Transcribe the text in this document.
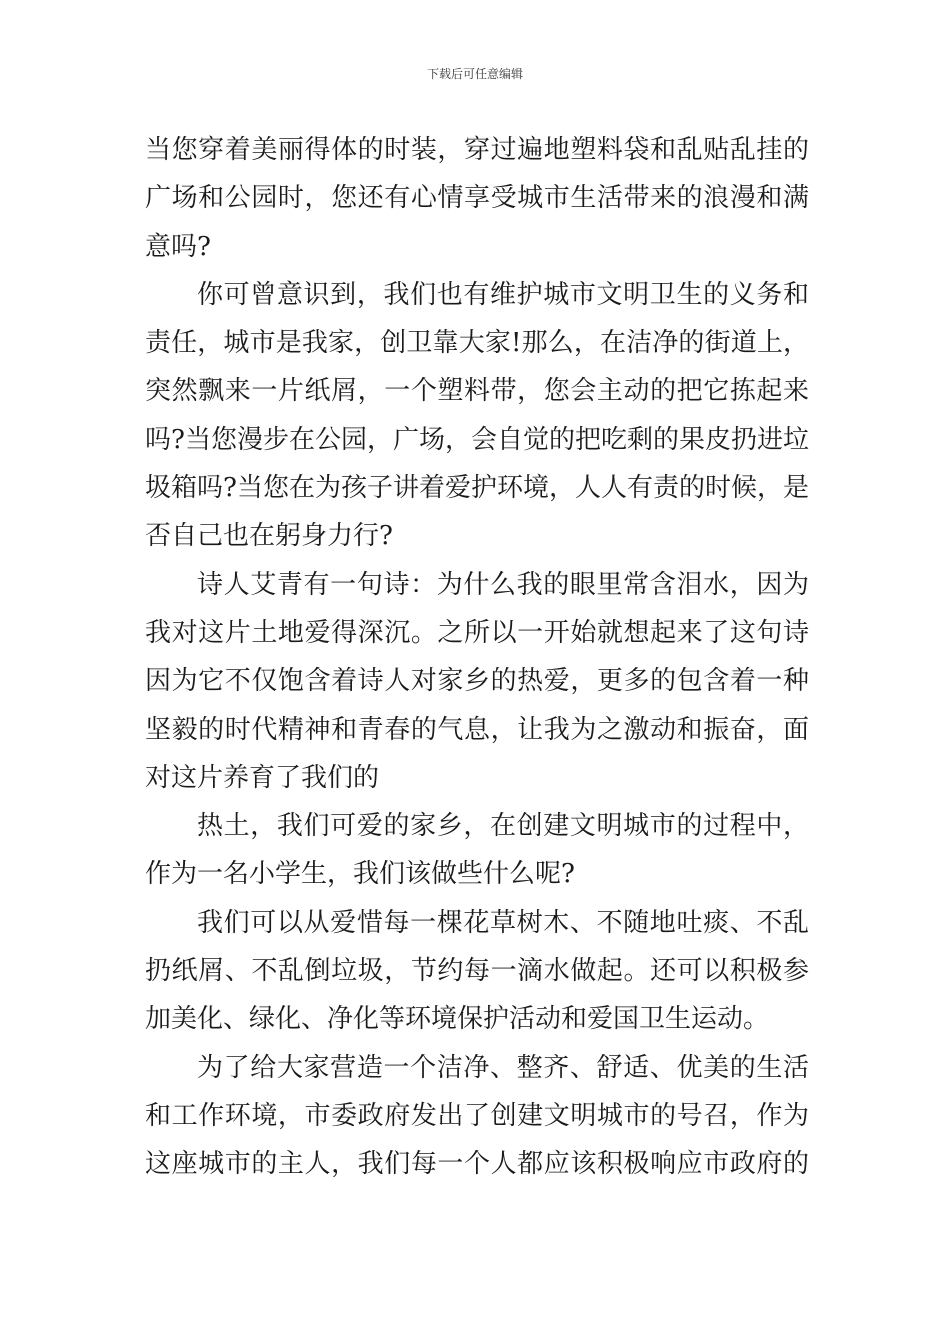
下载后可任意编辑
当您穿着美丽得体的时装，穿过遍地塑料袋和乱贴乱挂的
广场和公园时，您还有心情享受城市生活带来的浪漫和满
意吗?
你可曾意识到，我们也有维护城市文明卫生的义务和
责任，城市是我家，创卫靠大家!那么，在洁净的街道上，
突然飘来一片纸屑，一个塑料带，您会主动的把它拣起来
吗?当您漫步在公园，广场，会自觉的把吃剩的果皮扔进垃
圾箱吗?当您在为孩子讲着爱护环境，人人有责的时候，是
否自己也在躬身力行?
诗人艾青有一句诗：为什么我的眼里常含泪水，因为
我对这片土地爱得深沉。之所以一开始就想起来了这句诗
因为它不仅饱含着诗人对家乡的热爱，更多的包含着一种
坚毅的时代精神和青春的气息，让我为之激动和振奋，面
对这片养育了我们的
热土，我们可爱的家乡，在创建文明城市的过程中，
作为一名小学生，我们该做些什么呢?
我们可以从爱惜每一棵花草树木、不随地吐痰、不乱
扔纸屑、不乱倒垃圾，节约每一滴水做起。还可以积极参
加美化、绿化、净化等环境保护活动和爱国卫生运动。
为了给大家营造一个洁净、整齐、舒适、优美的生活
和工作环境，市委政府发出了创建文明城市的号召，作为
这座城市的主人，我们每一个人都应该积极响应市政府的
